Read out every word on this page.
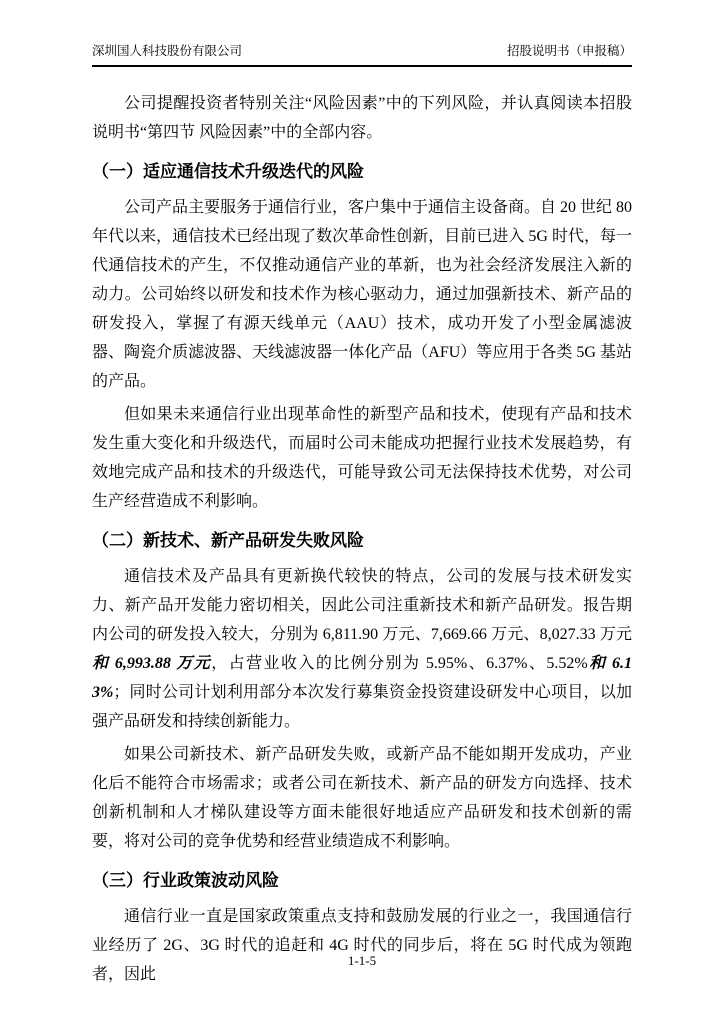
深圳国人科技股份有限公司	招股说明书（申报稿）

公司提醒投资者特别关注“风险因素”中的下列风险，并认真阅读本招股说明书“第四节 风险因素”中的全部内容。

（一）适应通信技术升级迭代的风险

公司产品主要服务于通信行业，客户集中于通信主设备商。自 20 世纪 80 年代以来，通信技术已经出现了数次革命性创新，目前已进入 5G 时代，每一代通信技术的产生，不仅推动通信产业的革新，也为社会经济发展注入新的动力。公司始终以研发和技术作为核心驱动力，通过加强新技术、新产品的研发投入，掌握了有源天线单元（AAU）技术，成功开发了小型金属滤波器、陶瓷介质滤波器、天线滤波器一体化产品（AFU）等应用于各类 5G 基站的产品。

但如果未来通信行业出现革命性的新型产品和技术，使现有产品和技术发生重大变化和升级迭代，而届时公司未能成功把握行业技术发展趋势，有效地完成产品和技术的升级迭代，可能导致公司无法保持技术优势，对公司生产经营造成不利影响。

（二）新技术、新产品研发失败风险

通信技术及产品具有更新换代较快的特点，公司的发展与技术研发实力、新产品开发能力密切相关，因此公司注重新技术和新产品研发。报告期内公司的研发投入较大，分别为 6,811.90 万元、7,669.66 万元、8,027.33 万元和 6,993.88 万元，占营业收入的比例分别为 5.95%、6.37%、5.52%和 6.13%；同时公司计划利用部分本次发行募集资金投资建设研发中心项目，以加强产品研发和持续创新能力。

如果公司新技术、新产品研发失败，或新产品不能如期开发成功，产业化后不能符合市场需求；或者公司在新技术、新产品的研发方向选择、技术创新机制和人才梯队建设等方面未能很好地适应产品研发和技术创新的需要，将对公司的竞争优势和经营业绩造成不利影响。

（三）行业政策波动风险

通信行业一直是国家政策重点支持和鼓励发展的行业之一，我国通信行业经历了 2G、3G 时代的追赶和 4G 时代的同步后，将在 5G 时代成为领跑者，因此

1-1-5
